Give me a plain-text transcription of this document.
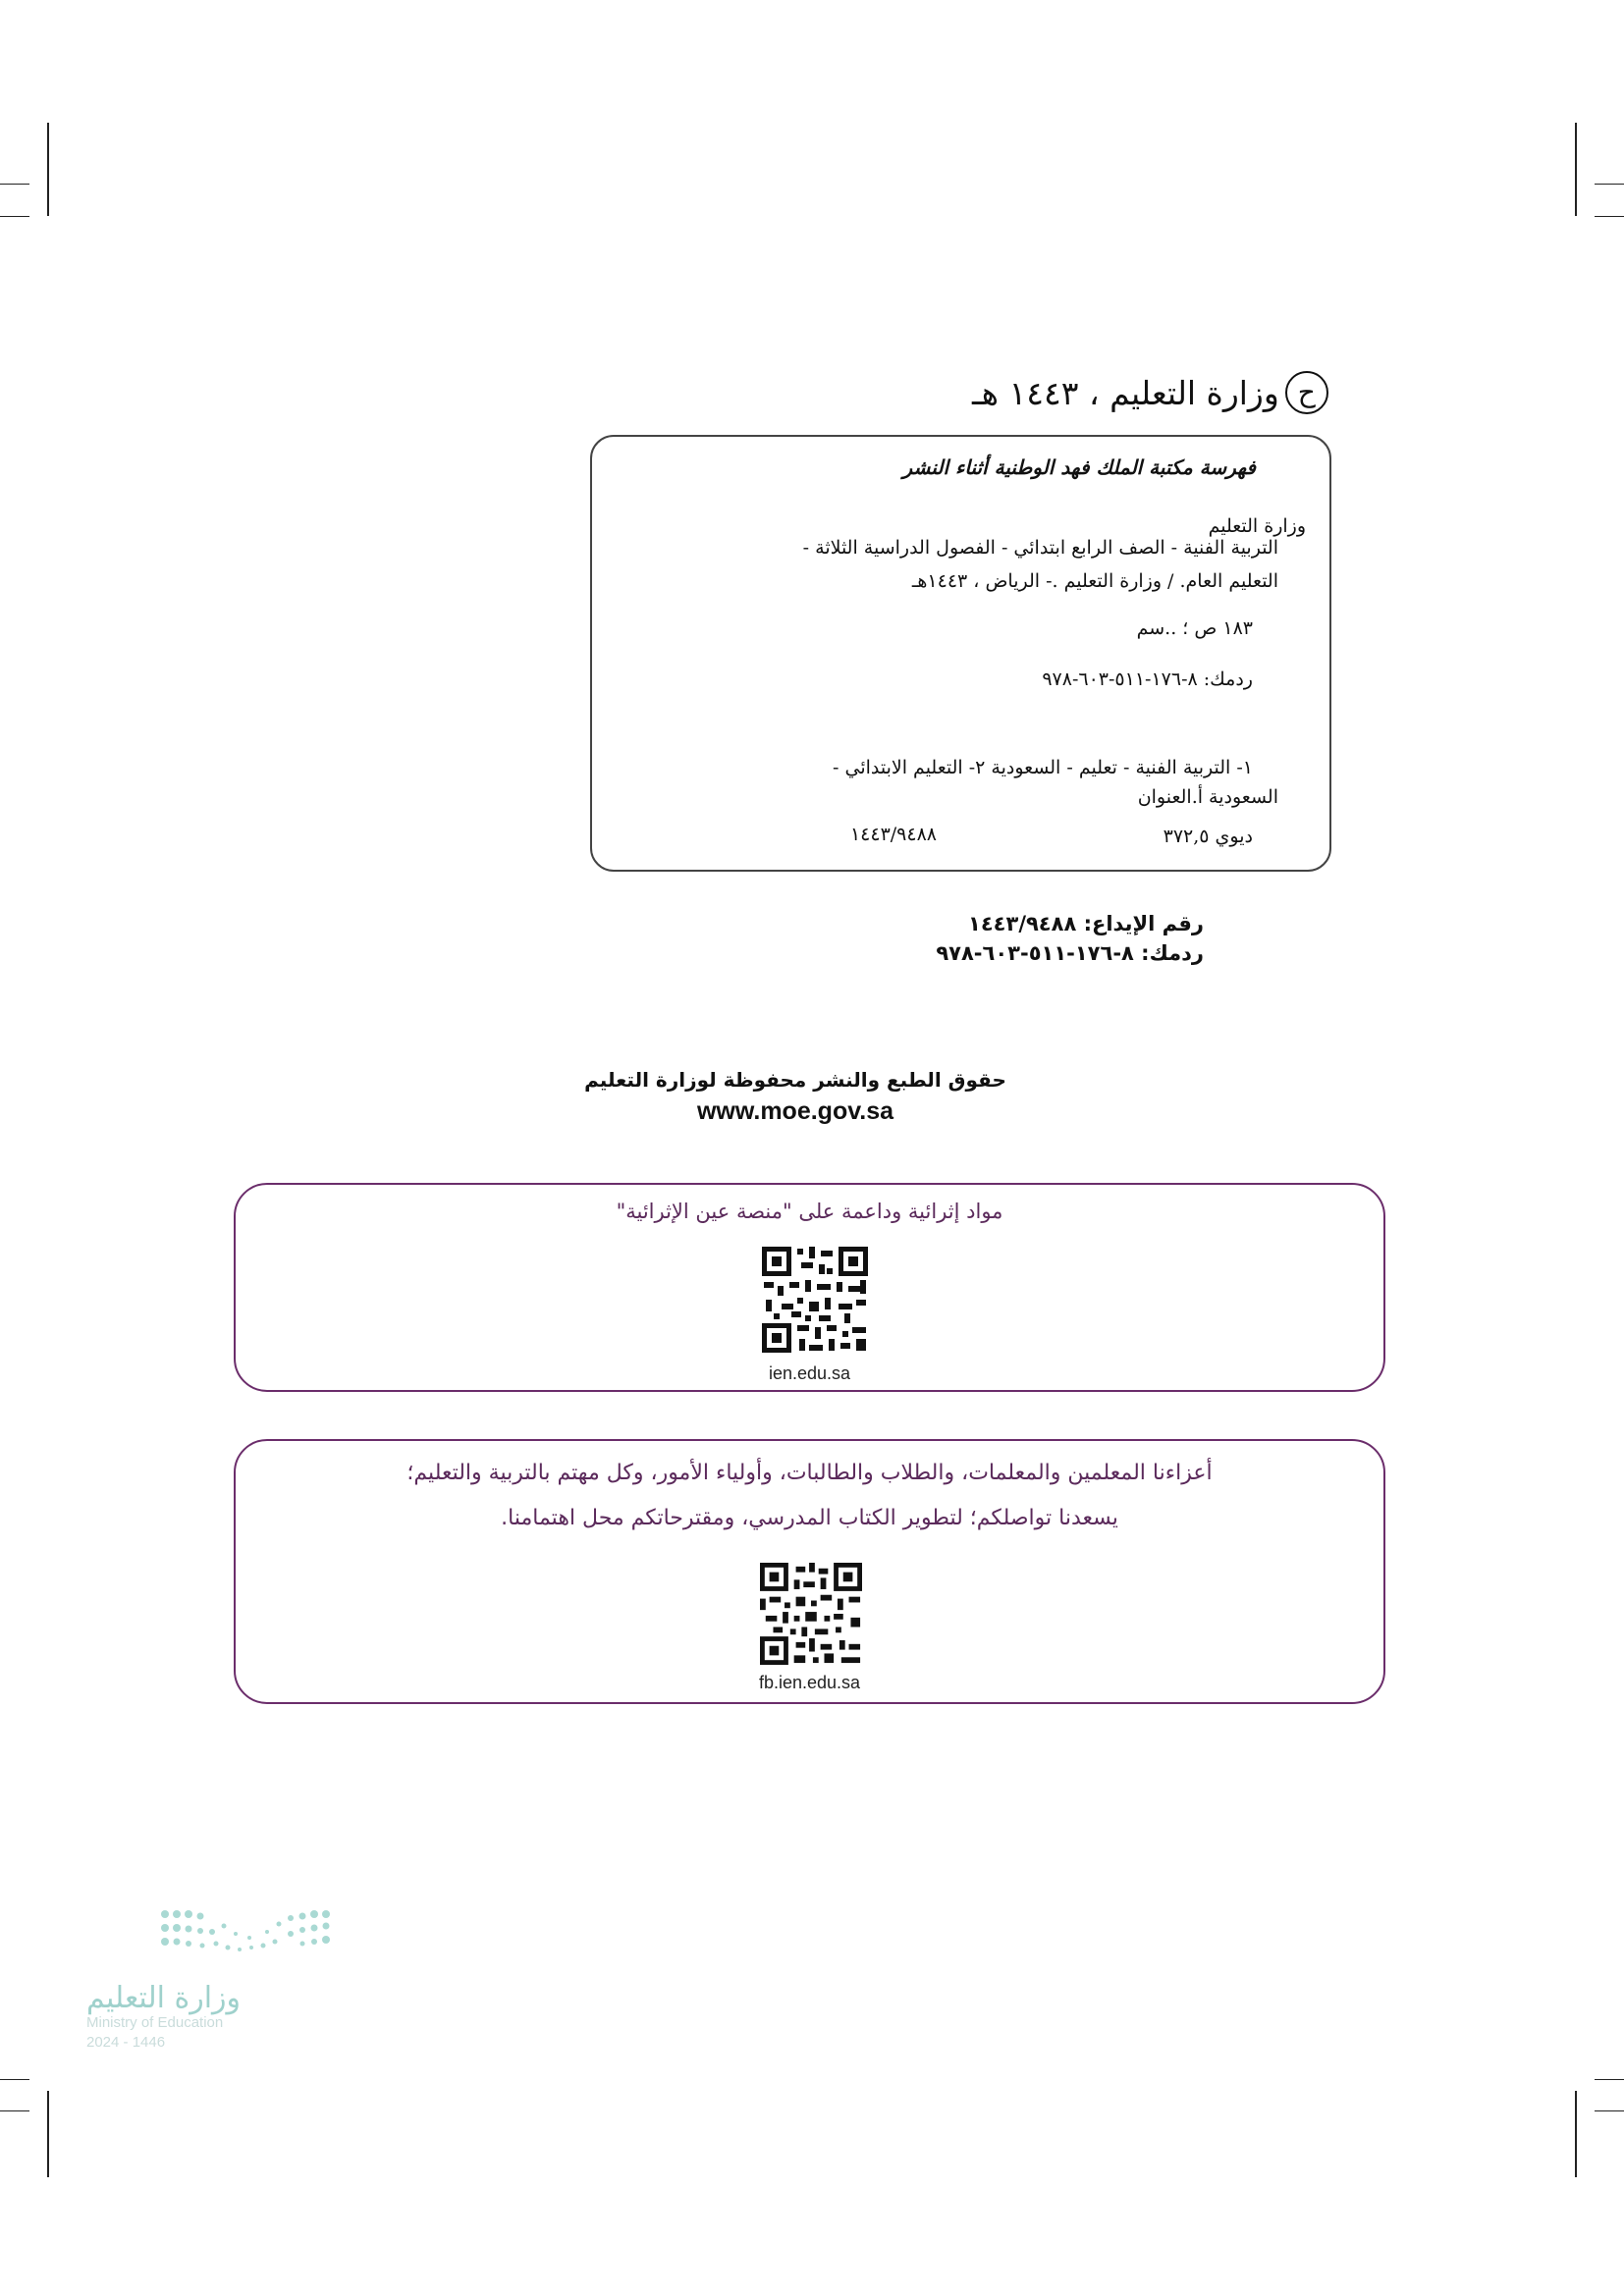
ح
وزارة التعليم ، ١٤٤٣ هـ
فهرسة مكتبة الملك فهد الوطنية أثناء النشر
وزارة التعليم
التربية الفنية - الصف الرابع ابتدائي - الفصول الدراسية الثلاثة -
التعليم العام. / وزارة التعليم .- الرياض ، ١٤٤٣هـ
١٨٣ ص ؛ ..سم
ردمك: ٨-١٧٦-٥١١-٦٠٣-٩٧٨
١- التربية الفنية - تعليم - السعودية ٢- التعليم الابتدائي -
السعودية أ.العنوان
ديوي ٣٧٢,٥
١٤٤٣/٩٤٨٨
رقم الإيداع: ١٤٤٣/٩٤٨٨
ردمك: ٨-١٧٦-٥١١-٦٠٣-٩٧٨
حقوق الطبع والنشر محفوظة لوزارة التعليم
www.moe.gov.sa
مواد إثرائية وداعمة على "منصة عين الإثرائية"
ien.edu.sa
أعزاءنا المعلمين والمعلمات، والطلاب والطالبات، وأولياء الأمور، وكل مهتم بالتربية والتعليم؛
يسعدنا تواصلكم؛ لتطوير الكتاب المدرسي، ومقترحاتكم محل اهتمامنا.
fb.ien.edu.sa
وزارة التعليم
Ministry of Education
2024 - 1446
